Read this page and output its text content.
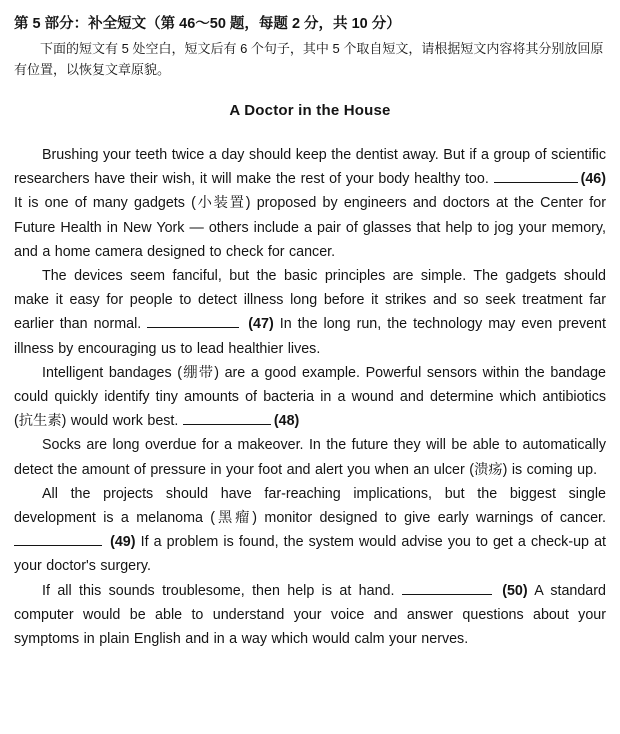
第 5 部分：补全短文（第 46～50 题，每题 2 分，共 10 分）

下面的短文有 5 处空白，短文后有 6 个句子，其中 5 个取自短文，请根据短文内容将其分别放回原有位置，以恢复文章原貌。

A Doctor in the House

Brushing your teeth twice a day should keep the dentist away. But if a group of scientific researchers have their wish, it will make the rest of your body healthy too.	(46) It is one of many gadgets (小装置) proposed by engineers and doctors at the Center for Future Health in New York — others include a pair of glasses that help to jog your memory, and a home camera designed to check for cancer.

The devices seem fanciful, but the basic principles are simple. The gadgets should make it easy for people to detect illness long before it strikes and so seek treatment far earlier than normal.	(47) In the long run, the technology may even prevent illness by encouraging us to lead healthier lives.

Intelligent bandages (绷带) are a good example. Powerful sensors within the bandage could quickly identify tiny amounts of bacteria in a wound and determine which antibiotics (抗生素) would work best.	(48)

Socks are long overdue for a makeover. In the future they will be able to automatically detect the amount of pressure in your foot and alert you when an ulcer (溃疡) is coming up.

All the projects should have far-reaching implications, but the biggest single development is a melanoma (黑瘤) monitor designed to give early warnings of cancer.  (49) If a problem is found, the system would advise you to get a check-up at your doctor's surgery.

If all this sounds troublesome, then help is at hand.	(50) A standard computer would be able to understand your voice and answer questions about your symptoms in plain English and in a way which would calm your nerves.
